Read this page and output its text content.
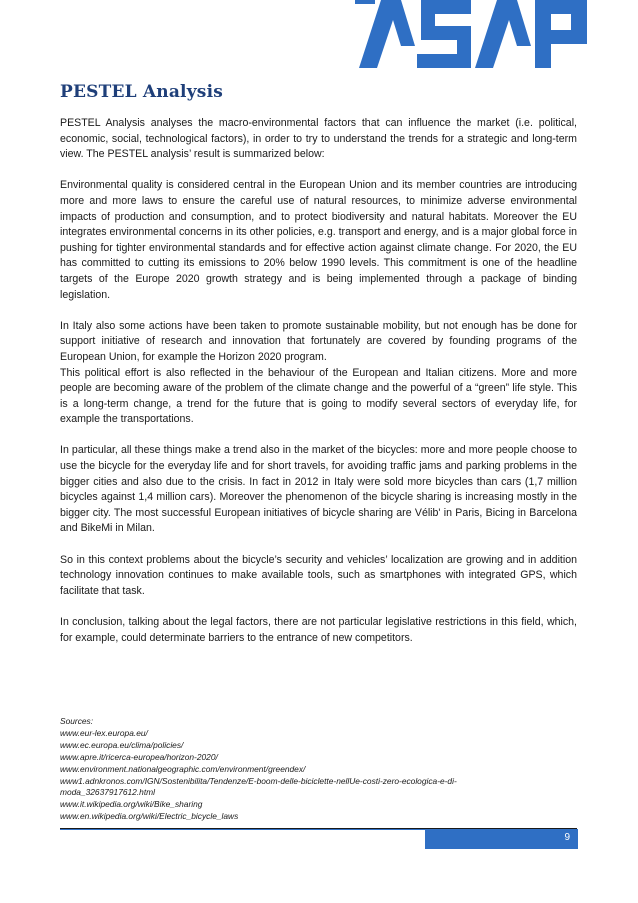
PESTEL Analysis

PESTEL Analysis analyses the macro-environmental factors that can influence the market (i.e. political, economic, social, technological factors), in order to try to understand the trends for a strategic and long-term view. The PESTEL analysis’ result is summarized below:

Environmental quality is considered central in the European Union and its member countries are introducing more and more laws to ensure the careful use of natural resources, to minimize adverse environmental impacts of production and consumption, and to protect biodiversity and natural habitats. Moreover the EU integrates environmental concerns in its other policies, e.g. transport and energy, and is a major global force in pushing for tighter environmental standards and for effective action against climate change. For 2020, the EU has committed to cutting its emissions to 20% below 1990 levels. This commitment is one of the headline targets of the Europe 2020 growth strategy and is being implemented through a package of binding legislation.

In Italy also some actions have been taken to promote sustainable mobility, but not enough has be done for support initiative of research and innovation that fortunately are covered by founding programs of the European Union, for example the Horizon 2020 program.

This political effort is also reflected in the behaviour of the European and Italian citizens. More and more people are becoming aware of the problem of the climate change and the powerful of a “green” life style. This is a long-term change, a trend for the future that is going to modify several sectors of everyday life, for example the transportations.

In particular, all these things make a trend also in the market of the bicycles: more and more people choose to use the bicycle for the everyday life and for short travels, for avoiding traffic jams and parking problems in the bigger cities and also due to the crisis. In fact in 2012 in Italy were sold more bicycles than cars (1,7 million bicycles against 1,4 million cars). Moreover the phenomenon of the bicycle sharing is increasing mostly in the bigger city. The most successful European initiatives of bicycle sharing are Vélib' in Paris, Bicing in Barcelona and BikeMi in Milan.

So in this context problems about the bicycle’s security and vehicles’ localization are growing and in addition technology innovation continues to make available tools, such as smartphones with integrated GPS, which facilitate that task.

In conclusion, talking about the legal factors, there are not particular legislative restrictions in this field, which, for example, could determinate barriers to the entrance of new competitors.

Sources:
www.eur-lex.europa.eu/
www.ec.europa.eu/clima/policies/
www.apre.it/ricerca-europea/horizon-2020/
www.environment.nationalgeographic.com/environment/greendex/
www1.adnkronos.com/IGN/Sostenibilita/Tendenze/E-boom-delle-biciclette-nellUe-costi-zero-ecologica-e-di-
moda_32637917612.html
www.it.wikipedia.org/wiki/Bike_sharing
www.en.wikipedia.org/wiki/Electric_bicycle_laws
9
